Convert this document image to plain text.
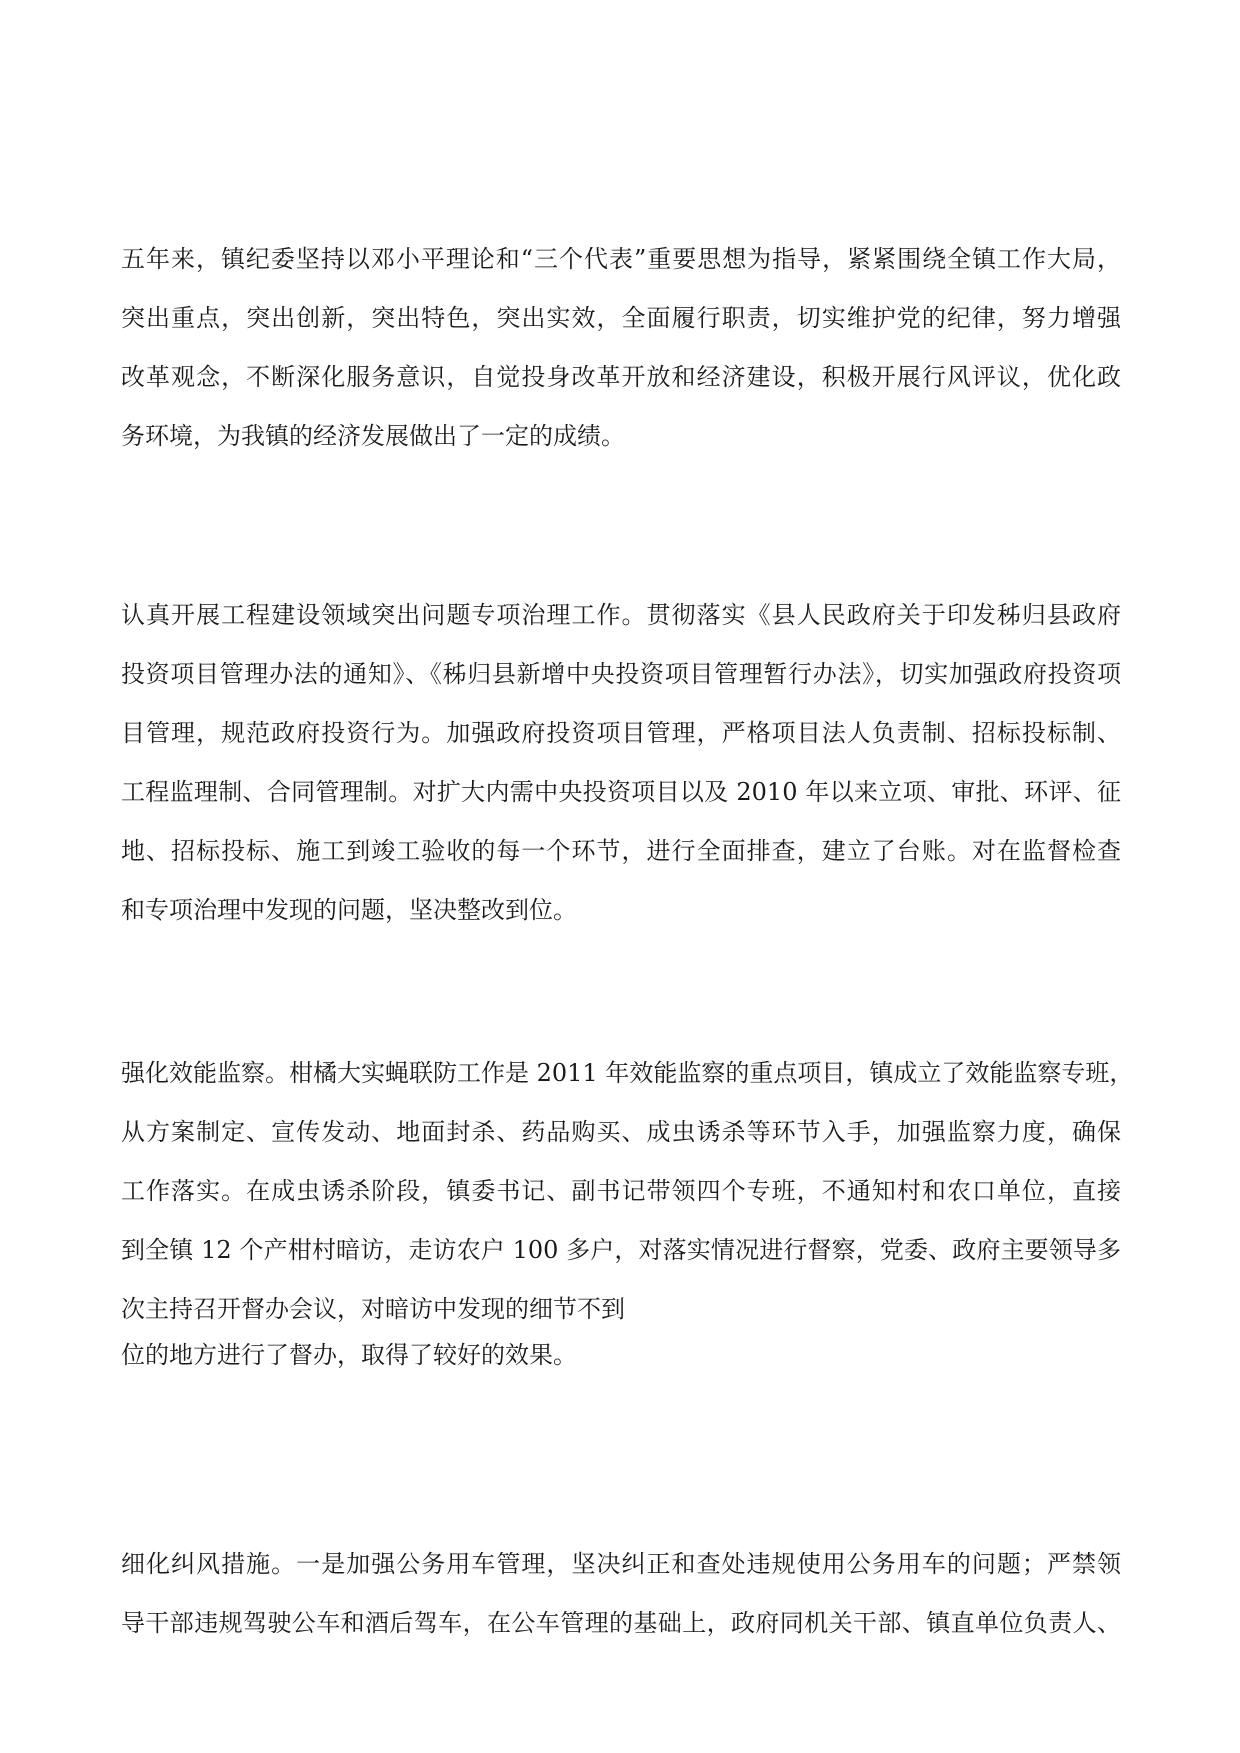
五年来，镇纪委坚持以邓小平理论和“三个代表”重要思想为指导，紧紧围绕全镇工作大局，
突出重点，突出创新，突出特色，突出实效，全面履行职责，切实维护党的纪律，努力增强
改革观念，不断深化服务意识，自觉投身改革开放和经济建设，积极开展行风评议，优化政
务环境，为我镇的经济发展做出了一定的成绩。
认真开展工程建设领域突出问题专项治理工作。贯彻落实《县人民政府关于印发秭归县政府
投资项目管理办法的通知》、《秭归县新增中央投资项目管理暂行办法》，切实加强政府投资项
目管理，规范政府投资行为。加强政府投资项目管理，严格项目法人负责制、招标投标制、
工程监理制、合同管理制。对扩大内需中央投资项目以及 2010 年以来立项、审批、环评、征
地、招标投标、施工到竣工验收的每一个环节，进行全面排查，建立了台账。对在监督检查
和专项治理中发现的问题，坚决整改到位。
强化效能监察。柑橘大实蝇联防工作是 2011 年效能监察的重点项目，镇成立了效能监察专班，
从方案制定、宣传发动、地面封杀、药品购买、成虫诱杀等环节入手，加强监察力度，确保
工作落实。在成虫诱杀阶段，镇委书记、副书记带领四个专班，不通知村和农口单位，直接
到全镇 12 个产柑村暗访，走访农户 100 多户，对落实情况进行督察，党委、政府主要领导多
次主持召开督办会议，对暗访中发现的细节不到
位的地方进行了督办，取得了较好的效果。
细化纠风措施。一是加强公务用车管理，坚决纠正和查处违规使用公务用车的问题；严禁领
导干部违规驾驶公车和酒后驾车，在公车管理的基础上，政府同机关干部、镇直单位负责人、
